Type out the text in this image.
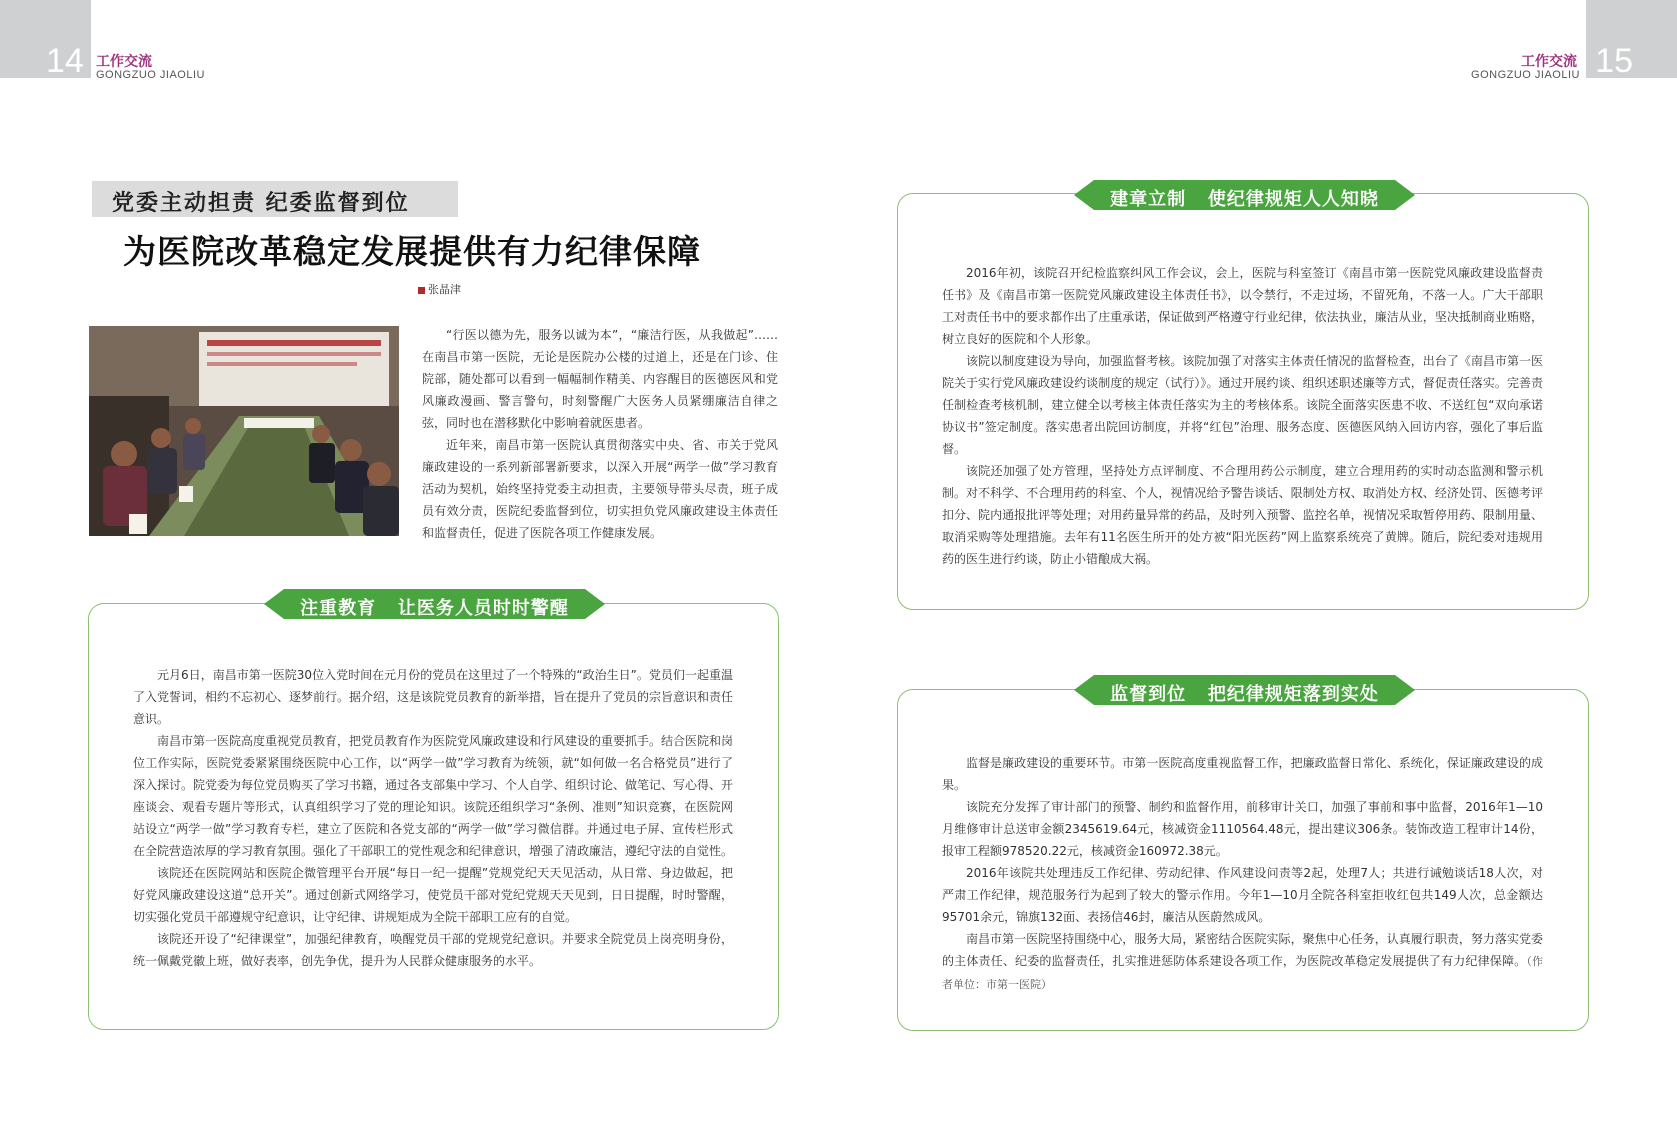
14	15
工作交流
GONGZUO JIAOLIU
工作交流
GONGZUO JIAOLIU
党委主动担责 纪委监督到位
为医院改革稳定发展提供有力纪律保障
张晶津

“行医以德为先，服务以诚为本”，“廉洁行医，从我做起”……在南昌市第一医院，无论是医院办公楼的过道上，还是在门诊、住院部，随处都可以看到一幅幅制作精美、内容醒目的医德医风和党风廉政漫画、警言警句，时刻警醒广大医务人员紧绷廉洁自律之弦，同时也在潜移默化中影响着就医患者。

近年来，南昌市第一医院认真贯彻落实中央、省、市关于党风廉政建设的一系列新部署新要求，以深入开展“两学一做”学习教育活动为契机，始终坚持党委主动担责，主要领导带头尽责，班子成员有效分责，医院纪委监督到位，切实担负党风廉政建设主体责任和监督责任，促进了医院各项工作健康发展。

注重教育   让医务人员时时警醒

元月6日，南昌市第一医院30位入党时间在元月份的党员在这里过了一个特殊的“政治生日”。党员们一起重温了入党誓词，相约不忘初心、逐梦前行。据介绍，这是该院党员教育的新举措，旨在提升了党员的宗旨意识和责任意识。

南昌市第一医院高度重视党员教育，把党员教育作为医院党风廉政建设和行风建设的重要抓手。结合医院和岗位工作实际，医院党委紧紧围绕医院中心工作，以“两学一做”学习教育为统领，就“如何做一名合格党员”进行了深入探讨。院党委为每位党员购买了学习书籍，通过各支部集中学习、个人自学、组织讨论、做笔记、写心得、开座谈会、观看专题片等形式，认真组织学习了党的理论知识。该院还组织学习“条例、准则”知识竞赛，在医院网站设立“两学一做”学习教育专栏，建立了医院和各党支部的“两学一做”学习微信群。并通过电子屏、宣传栏形式在全院营造浓厚的学习教育氛围。强化了干部职工的党性观念和纪律意识，增强了清政廉洁，遵纪守法的自觉性。

该院还在医院网站和医院企微管理平台开展“每日一纪一提醒”党规党纪天天见活动，从日常、身边做起，把好党风廉政建设这道“总开关”。通过创新式网络学习，使党员干部对党纪党规天天见到，日日提醒，时时警醒，切实强化党员干部遵规守纪意识，让守纪律、讲规矩成为全院干部职工应有的自觉。

该院还开设了“纪律课堂”，加强纪律教育，唤醒党员干部的党规党纪意识。并要求全院党员上岗亮明身份，统一佩戴党徽上班，做好表率，创先争优，提升为人民群众健康服务的水平。

建章立制   使纪律规矩人人知晓

2016年初，该院召开纪检监察纠风工作会议，会上，医院与科室签订《南昌市第一医院党风廉政建设监督责任书》及《南昌市第一医院党风廉政建设主体责任书》，以令禁行，不走过场，不留死角，不落一人。广大干部职工对责任书中的要求都作出了庄重承诺，保证做到严格遵守行业纪律，依法执业，廉洁从业，坚决抵制商业贿赂，树立良好的医院和个人形象。

该院以制度建设为导向，加强监督考核。该院加强了对落实主体责任情况的监督检查，出台了《南昌市第一医院关于实行党风廉政建设约谈制度的规定（试行）》。通过开展约谈、组织述职述廉等方式，督促责任落实。完善责任制检查考核机制，建立健全以考核主体责任落实为主的考核体系。该院全面落实医患不收、不送红包“双向承诺协议书”签定制度。落实患者出院回访制度，并将“红包”治理、服务态度、医德医风纳入回访内容，强化了事后监督。

该院还加强了处方管理，坚持处方点评制度、不合理用药公示制度，建立合理用药的实时动态监测和警示机制。对不科学、不合理用药的科室、个人，视情况给予警告谈话、限制处方权、取消处方权、经济处罚、医德考评扣分、院内通报批评等处理；对用药量异常的药品，及时列入预警、监控名单，视情况采取暂停用药、限制用量、取消采购等处理措施。去年有11名医生所开的处方被“阳光医药”网上监察系统亮了黄牌。随后，院纪委对违规用药的医生进行约谈，防止小错酿成大祸。

监督到位   把纪律规矩落到实处

监督是廉政建设的重要环节。市第一医院高度重视监督工作，把廉政监督日常化、系统化，保证廉政建设的成果。

该院充分发挥了审计部门的预警、制约和监督作用，前移审计关口，加强了事前和事中监督，2016年1—10月维修审计总送审金额2345619.64元，核减资金1110564.48元，提出建议306条。装饰改造工程审计14份，报审工程额978520.22元，核减资金160972.38元。

2016年该院共处理违反工作纪律、劳动纪律、作风建设问责等2起，处理7人；共进行诫勉谈话18人次，对严肃工作纪律，规范服务行为起到了较大的警示作用。今年1—10月全院各科室拒收红包共149人次，总金额达95701余元，锦旗132面、表扬信46封，廉洁从医蔚然成风。

南昌市第一医院坚持围绕中心，服务大局，紧密结合医院实际，聚焦中心任务，认真履行职责，努力落实党委的主体责任、纪委的监督责任，扎实推进惩防体系建设各项工作，为医院改革稳定发展提供了有力纪律保障。（作者单位：市第一医院）
